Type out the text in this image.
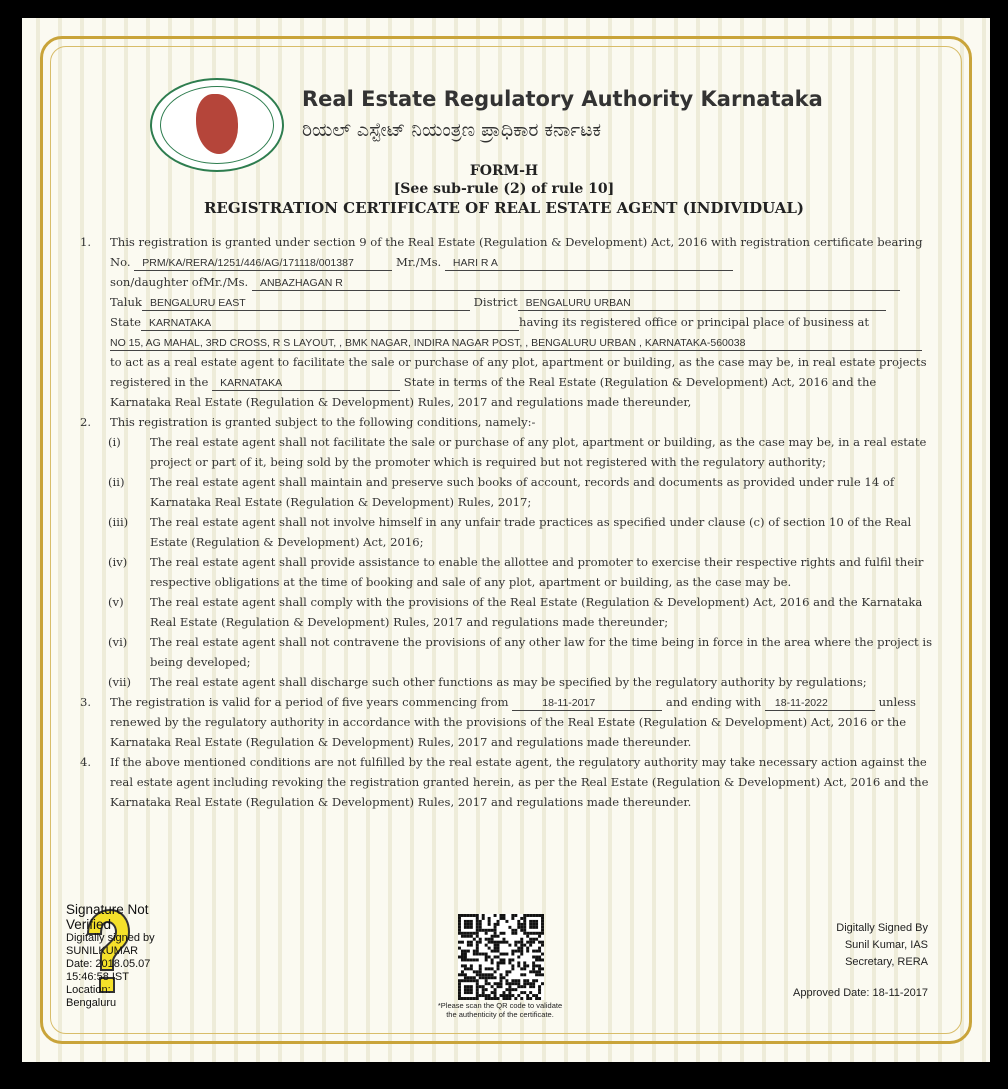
Real Estate Regulatory Authority Karnataka
ರಿಯಲ್ ಎಸ್ಟೇಟ್ ನಿಯಂತ್ರಣ ಪ್ರಾಧಿಕಾರ ಕರ್ನಾಟಕ
FORM-H
[See sub-rule (2) of rule 10]
REGISTRATION CERTIFICATE OF REAL ESTATE AGENT (INDIVIDUAL)
1. This registration is granted under section 9 of the Real Estate (Regulation & Development) Act, 2016 with registration certificate bearing No. PRM/KA/RERA/1251/446/AG/171118/001387	Mr./Ms. HARI R A
son/daughter ofMr./Ms. ANBAZHAGAN R
Taluk BENGALURU EAST	District BENGALURU URBAN
State KARNATAKA	having its registered office or principal place of business at
NO 15, AG MAHAL, 3RD CROSS, R S LAYOUT, , BMK NAGAR, INDIRA NAGAR POST, , BENGALURU URBAN , KARNATAKA-560038
to act as a real estate agent to facilitate the sale or purchase of any plot, apartment or building, as the case may be, in real estate projects registered in the KARNATAKA	State in terms of the Real Estate (Regulation & Development) Act, 2016 and the Karnataka Real Estate (Regulation & Development) Rules, 2017 and regulations made thereunder,
2. This registration is granted subject to the following conditions, namely:-
(i)	The real estate agent shall not facilitate the sale or purchase of any plot, apartment or building, as the case may be, in a real estate project or part of it, being sold by the promoter which is required but not registered with the regulatory authority;
(ii) The real estate agent shall maintain and preserve such books of account, records and documents as provided under rule 14 of Karnataka Real Estate (Regulation & Development) Rules, 2017;
(iii) The real estate agent shall not involve himself in any unfair trade practices as specified under clause (c) of section 10 of the Real Estate (Regulation & Development) Act, 2016;
(iv) The real estate agent shall provide assistance to enable the allottee and promoter to exercise their respective rights and fulfil their respective obligations at the time of booking and sale of any plot, apartment or building, as the case may be.
(v) The real estate agent shall comply with the provisions of the Real Estate (Regulation & Development) Act, 2016 and the Karnataka Real Estate (Regulation & Development) Rules, 2017 and regulations made thereunder;
(vi) The real estate agent shall not contravene the provisions of any other law for the time being in force in the area where the project is being developed;
(vii) The real estate agent shall discharge such other functions as may be specified by the regulatory authority by regulations;
3. The registration is valid for a period of five years commencing from	18-11-2017	and ending with 18-11-2022	unless renewed by the regulatory authority in accordance with the provisions of the Real Estate (Regulation & Development) Act, 2016 or the Karnataka Real Estate (Regulation & Development) Rules, 2017 and regulations made thereunder.
4. If the above mentioned conditions are not fulfilled by the real estate agent, the regulatory authority may take necessary action against the real estate agent including revoking the registration granted herein, as per the Real Estate (Regulation & Development) Act, 2016 and the Karnataka Real Estate (Regulation & Development) Rules, 2017 and regulations made thereunder.
Signature Not
Verified
Digitally signed by
SUNILKUMAR
Date: 2018.05.07
15:46:58 IST
Location:
Bengaluru	*Please scan the QR code to validate
the authenticity of the certificate.
Digitally Signed By
Sunil Kumar, IAS
Secretary, RERA
Approved Date: 18-11-2017
